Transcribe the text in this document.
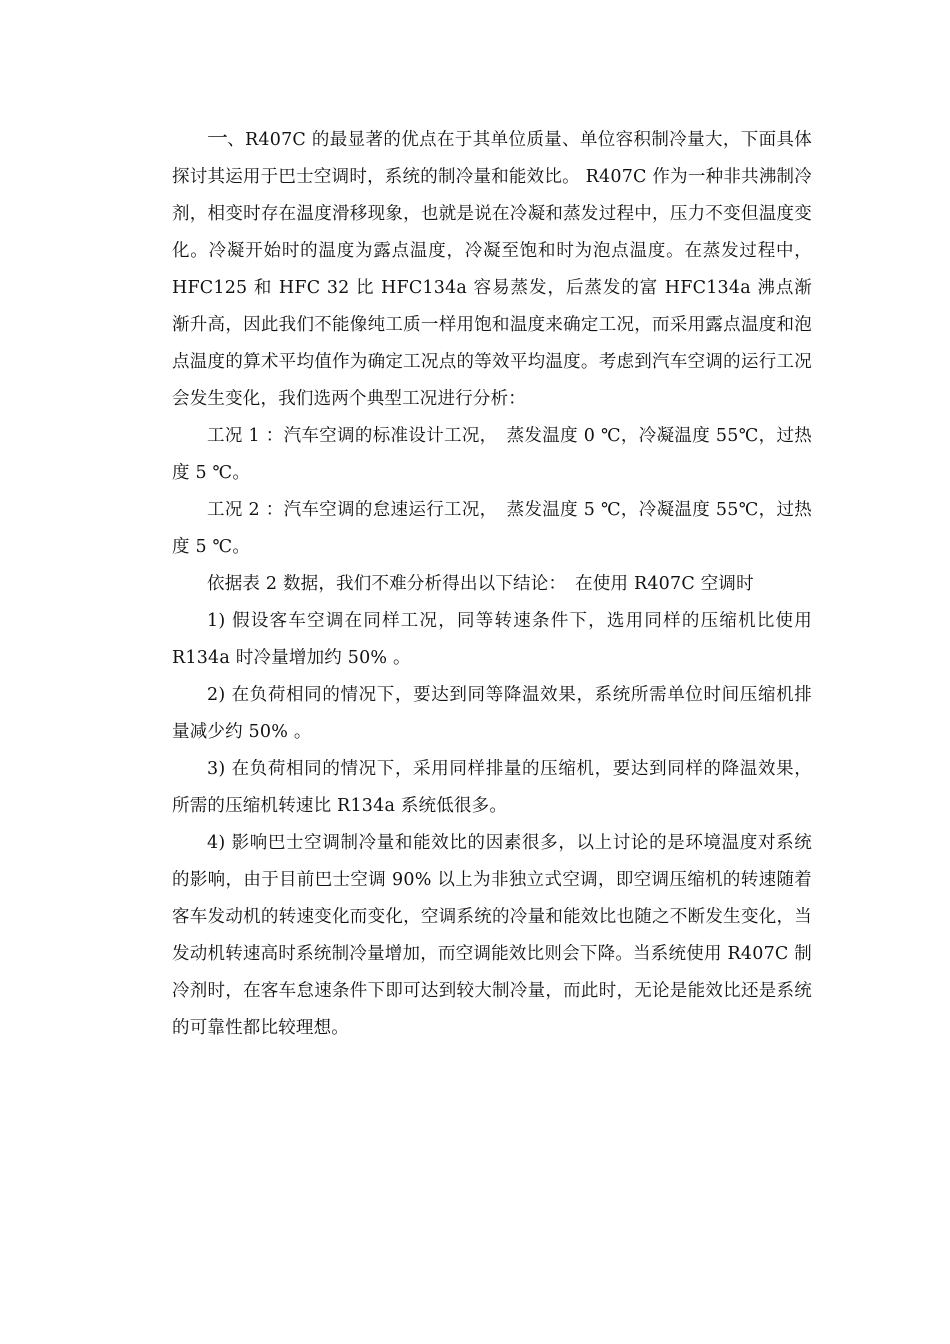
一、R407C 的最显著的优点在于其单位质量、单位容积制冷量大，下面具体探讨其运用于巴士空调时，系统的制冷量和能效比。 R407C 作为一种非共沸制冷剂，相变时存在温度滑移现象，也就是说在冷凝和蒸发过程中，压力不变但温度变化。冷凝开始时的温度为露点温度，冷凝至饱和时为泡点温度。在蒸发过程中，HFC125 和 HFC 32 比 HFC134a 容易蒸发，后蒸发的富 HFC134a 沸点渐渐升高，因此我们不能像纯工质一样用饱和温度来确定工况，而采用露点温度和泡点温度的算术平均值作为确定工况点的等效平均温度。考虑到汽车空调的运行工况会发生变化，我们选两个典型工况进行分析：

工况 1 ：汽车空调的标准设计工况，　蒸发温度 0 ℃，冷凝温度 55℃，过热度 5 ℃。

工况 2 ：汽车空调的怠速运行工况，　蒸发温度 5 ℃，冷凝温度 55℃，过热度 5 ℃。

依据表 2 数据，我们不难分析得出以下结论：　在使用 R407C 空调时

1) 假设客车空调在同样工况，同等转速条件下，选用同样的压缩机比使用 R134a 时冷量增加约 50% 。

2) 在负荷相同的情况下，要达到同等降温效果，系统所需单位时间压缩机排量减少约 50% 。

3) 在负荷相同的情况下，采用同样排量的压缩机，要达到同样的降温效果，所需的压缩机转速比 R134a 系统低很多。

4) 影响巴士空调制冷量和能效比的因素很多，以上讨论的是环境温度对系统的影响，由于目前巴士空调 90% 以上为非独立式空调，即空调压缩机的转速随着客车发动机的转速变化而变化，空调系统的冷量和能效比也随之不断发生变化，当发动机转速高时系统制冷量增加，而空调能效比则会下降。当系统使用 R407C 制冷剂时，在客车怠速条件下即可达到较大制冷量，而此时，无论是能效比还是系统的可靠性都比较理想。
